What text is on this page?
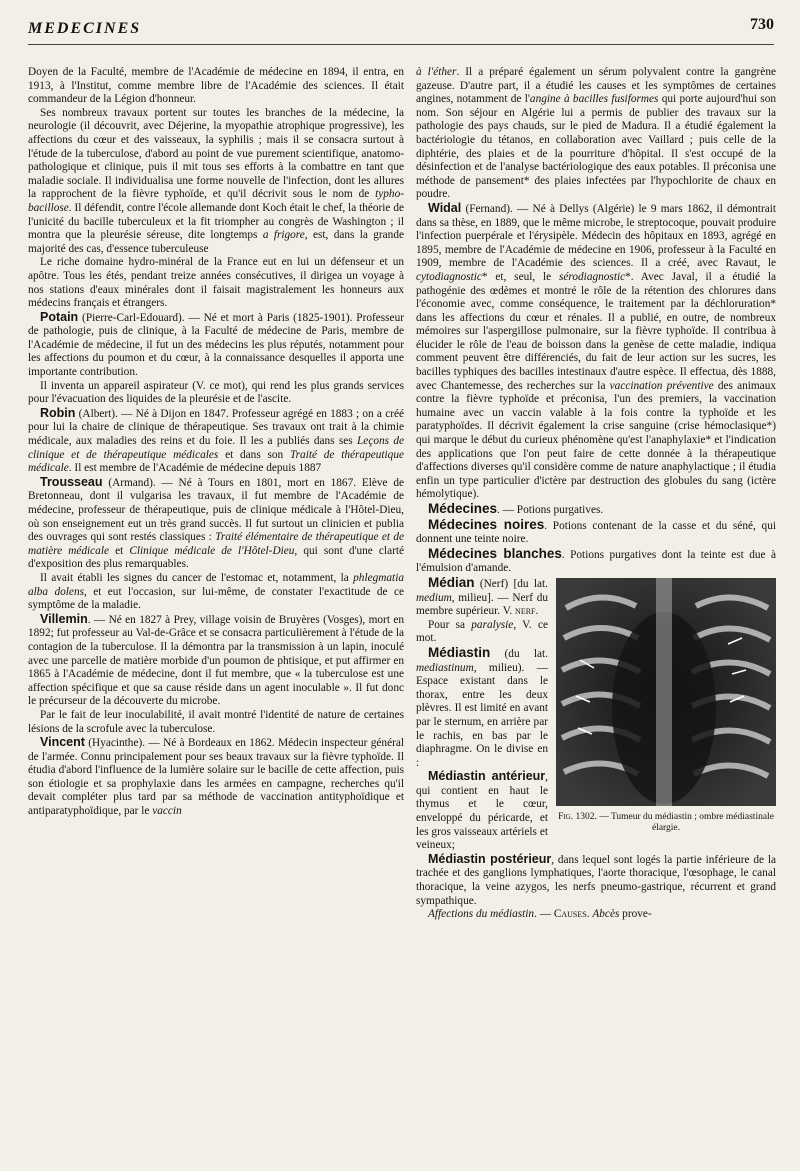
MEDECINES	730

Doyen de la Faculté, membre de l'Académie de médecine en 1894, il entra, en 1913, à l'Institut, comme membre libre de l'Académie des sciences. Il était commandeur de la Légion d'honneur.

Ses nombreux travaux portent sur toutes les branches de la médecine, la neurologie (il découvrit, avec Déjerine, la myopathie atrophique progressive), les affections du cœur et des vaisseaux, la syphilis ; mais il se consacra surtout à l'étude de la tuberculose, d'abord au point de vue purement scientifique, anatomo-pathologique et clinique, puis il mit tous ses efforts à la combattre en tant que maladie sociale. Il individualisa une forme nouvelle de l'infection, dont les allures la rapprochent de la fièvre typhoïde, et qu'il décrivit sous le nom de typho-bacillose. Il défendit, contre l'école allemande dont Koch était le chef, la théorie de l'unicité du bacille tuberculeux et la fit triompher au congrès de Washington ; il montra que la pleurésie séreuse, dite longtemps a frigore, est, dans la grande majorité des cas, d'essence tuberculeuse

Le riche domaine hydro-minéral de la France eut en lui un défenseur et un apôtre. Tous les étés, pendant treize années consécutives, il dirigea un voyage à nos stations d'eaux minérales dont il faisait magistralement les honneurs aux médecins français et étrangers.

Potain (Pierre-Carl-Edouard). — Né et mort à Paris (1825-1901). Professeur de pathologie, puis de clinique, à la Faculté de médecine de Paris, membre de l'Académie de médecine, il fut un des médecins les plus réputés, notamment pour les affections du poumon et du cœur, à la connaissance desquelles il apporta une importante contribution.

Il inventa un appareil aspirateur (V. ce mot), qui rend les plus grands services pour l'évacuation des liquides de la pleurésie et de l'ascite.

Robin (Albert). — Né à Dijon en 1847. Professeur agrégé en 1883 ; on a créé pour lui la chaire de clinique de thérapeutique. Ses travaux ont trait à la chimie médicale, aux maladies des reins et du foie. Il les a publiés dans ses Leçons de clinique et de thérapeutique médicales et dans son Traité de thérapeutique médicale. Il est membre de l'Académie de médecine depuis 1887

Trousseau (Armand). — Né à Tours en 1801, mort en 1867. Elève de Bretonneau, dont il vulgarisa les travaux, il fut membre de l'Académie de médecine, professeur de thérapeutique, puis de clinique médicale à l'Hôtel-Dieu, où son enseignement eut un très grand succès. Il fut surtout un clinicien et publia des ouvrages qui sont restés classiques : Traité élémentaire de thérapeutique et de matière médicale et Clinique médicale de l'Hôtel-Dieu, qui sont d'une clarté d'exposition des plus remarquables.

Il avait établi les signes du cancer de l'estomac et, notamment, la phlegmatia alba dolens, et eut l'occasion, sur lui-même, de constater l'exactitude de ce symptôme de la maladie.

Villemin. — Né en 1827 à Prey, village voisin de Bruyères (Vosges), mort en 1892; fut professeur au Val-de-Grâce et se consacra particulièrement à l'étude de la contagion de la tuberculose. Il la démontra par la transmission à un lapin, inoculé avec une parcelle de matière morbide d'un poumon de phtisique, et put affirmer en 1865 à l'Académie de médecine, dont il fut membre, que « la tuberculose est une affection spécifique et que sa cause réside dans un agent inoculable ». Il fut donc le précurseur de la découverte du microbe.

Par le fait de leur inoculabilité, il avait montré l'identité de nature de certaines lésions de la scrofule avec la tuberculose.

Vincent (Hyacinthe). — Né à Bordeaux en 1862. Médecin inspecteur général de l'armée. Connu principalement pour ses beaux travaux sur la fièvre typhoïde. Il étudia d'abord l'influence de la lumière solaire sur le bacille de cette affection, puis son étiologie et sa prophylaxie dans les armées en campagne, recherches qu'il devait compléter plus tard par sa méthode de vaccination antityphoïdique et antiparatyphoïdique, par le vaccin

à l'éther. Il a préparé également un sérum polyvalent contre la gangrène gazeuse. D'autre part, il a étudié les causes et les symptômes de certaines angines, notamment de l'angine à bacilles fusiformes qui porte aujourd'hui son nom. Son séjour en Algérie lui a permis de publier des travaux sur la pathologie des pays chauds, sur le pied de Madura. Il a étudié également la bactériologie du tétanos, en collaboration avec Vaillard ; puis celle de la diphtérie, des plaies et de la pourriture d'hôpital. Il s'est occupé de la désinfection et de l'analyse bactériologique des eaux potables. Il préconisa une méthode de pansement* des plaies infectées par l'hypochlorite de chaux en poudre.

Widal (Fernand). — Né à Dellys (Algérie) le 9 mars 1862, il démontrait dans sa thèse, en 1889, que le même microbe, le streptocoque, pouvait produire l'infection puerpérale et l'érysipèle. Médecin des hôpitaux en 1893, agrégé en 1895, membre de l'Académie de médecine en 1906, professeur à la Faculté en 1909, membre de l'Académie des sciences. Il a créé, avec Ravaut, le cytodiagnostic* et, seul, le sérodiagnostic*. Avec Javal, il a étudié la pathogénie des œdèmes et montré le rôle de la rétention des chlorures dans l'économie avec, comme conséquence, le traitement par la déchloruration* dans les affections du cœur et rénales. Il a publié, en outre, de nombreux mémoires sur l'aspergillose pulmonaire, sur la fièvre typhoïde. Il contribua à élucider le rôle de l'eau de boisson dans la genèse de cette maladie, indiqua comment peuvent être différenciés, du fait de leur action sur les sucres, les bacilles typhiques des bacilles intestinaux d'autre espèce. Il effectua, dès 1888, avec Chantemesse, des recherches sur la vaccination préventive des animaux contre la fièvre typhoïde et préconisa, l'un des premiers, la vaccination humaine avec un vaccin valable à la fois contre la typhoïde et les paratyphoïdes. Il décrivit également la crise sanguine (crise hémoclasique*) qui marque le début du curieux phénomène qu'est l'anaphylaxie* et l'indication des applications que l'on peut faire de cette donnée à la thérapeutique d'affections diverses qu'il considère comme de nature anaphylactique ; il étudia enfin un type particulier d'ictère par destruction des globules du sang (ictère hémolytique).

Médecines. — Potions purgatives.

Médecines noires. Potions contenant de la casse et du séné, qui donnent une teinte noire.

Médecines blanches. Potions purgatives dont la teinte est due à l'émulsion d'amande.

Fig. 1302. — Tumeur du médiastin ; ombre médiastinale élargie.

Médian (Nerf) [du lat. medium, milieu]. — Nerf du membre supérieur. V. nerf.

Pour sa paralysie, V. ce mot.

Médiastin (du lat. mediastinum, milieu). — Espace existant dans le thorax, entre les deux plèvres. Il est limité en avant par le sternum, en arrière par le rachis, en bas par le diaphragme. On le divise en :

Médiastin antérieur, qui contient en haut le thymus et le cœur, enveloppé du péricarde, et les gros vaisseaux artériels et veineux;

Médiastin postérieur, dans lequel sont logés la partie inférieure de la trachée et des ganglions lymphatiques, l'aorte thoracique, l'œsophage, le canal thoracique, la veine azygos, les nerfs pneumo-gastrique, récurrent et grand sympathique.

Affections du médiastin. — Causes. Abcès prove-
